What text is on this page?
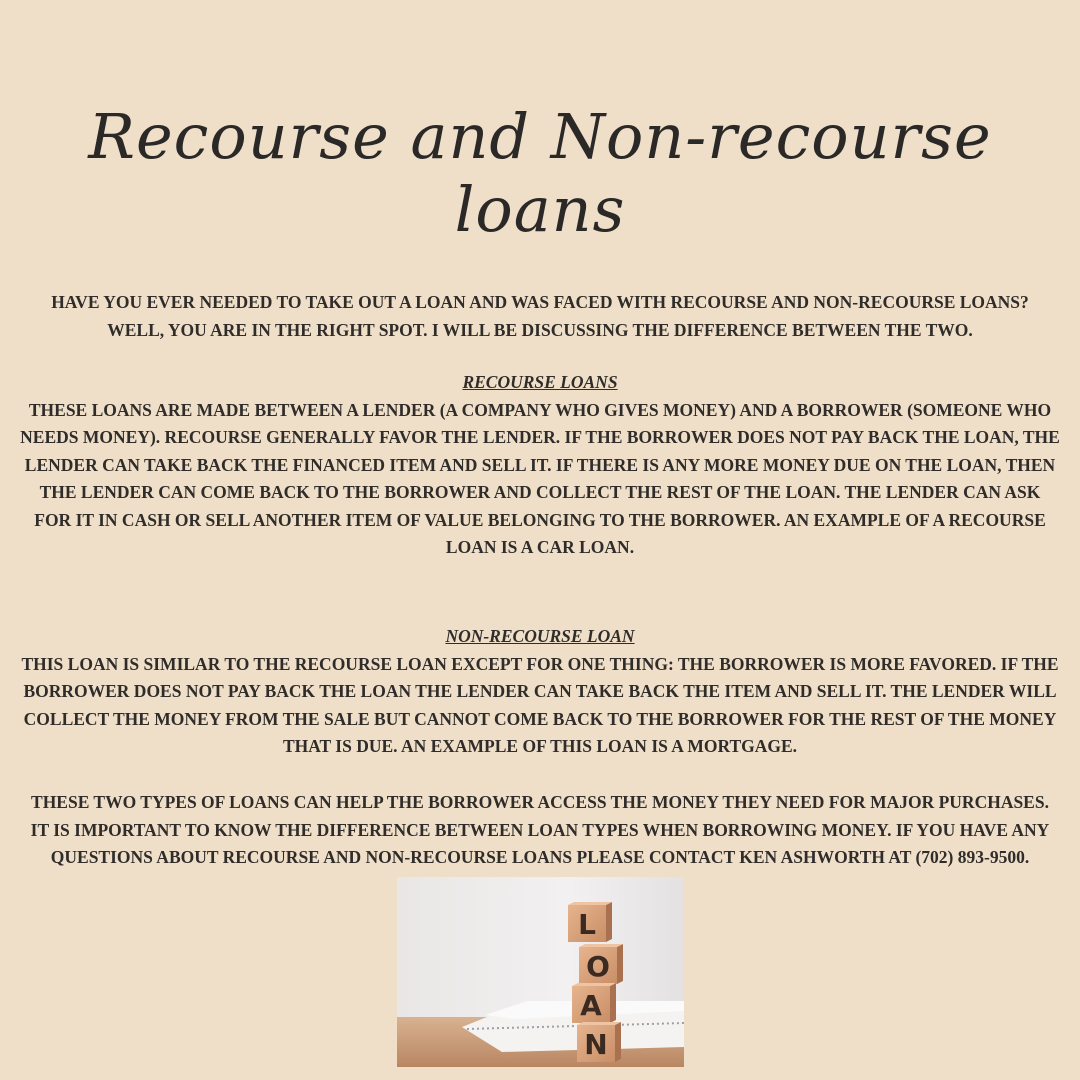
Recourse and Non-recourse loans

HAVE YOU EVER NEEDED TO TAKE OUT A LOAN AND WAS FACED WITH RECOURSE AND NON-RECOURSE LOANS?
WELL, YOU ARE IN THE RIGHT SPOT. I WILL BE DISCUSSING THE DIFFERENCE BETWEEN THE TWO.

RECOURSE LOANS
THESE LOANS ARE MADE BETWEEN A LENDER (A COMPANY WHO GIVES MONEY) AND A BORROWER (SOMEONE WHO NEEDS MONEY). RECOURSE GENERALLY FAVOR THE LENDER. IF THE BORROWER DOES NOT PAY BACK THE LOAN, THE LENDER CAN TAKE BACK THE FINANCED ITEM AND SELL IT. IF THERE IS ANY MORE MONEY DUE ON THE LOAN, THEN THE LENDER CAN COME BACK TO THE BORROWER AND COLLECT THE REST OF THE LOAN. THE LENDER CAN ASK FOR IT IN CASH OR SELL ANOTHER ITEM OF VALUE BELONGING TO THE BORROWER. AN EXAMPLE OF A RECOURSE LOAN IS A CAR LOAN.
NON-RECOURSE LOAN
THIS LOAN IS SIMILAR TO THE RECOURSE LOAN EXCEPT FOR ONE THING: THE BORROWER IS MORE FAVORED. IF THE BORROWER DOES NOT PAY BACK THE LOAN THE LENDER CAN TAKE BACK THE ITEM AND SELL IT. THE LENDER WILL COLLECT THE MONEY FROM THE SALE BUT CANNOT COME BACK TO THE BORROWER FOR THE REST OF THE MONEY THAT IS DUE. AN EXAMPLE OF THIS LOAN IS A MORTGAGE.

THESE TWO TYPES OF LOANS CAN HELP THE BORROWER ACCESS THE MONEY THEY NEED FOR MAJOR PURCHASES. IT IS IMPORTANT TO KNOW THE DIFFERENCE BETWEEN LOAN TYPES WHEN BORROWING MONEY. IF YOU HAVE ANY QUESTIONS ABOUT RECOURSE AND NON-RECOURSE LOANS PLEASE CONTACT KEN ASHWORTH AT (702) 893-9500.

L
O
A
N
